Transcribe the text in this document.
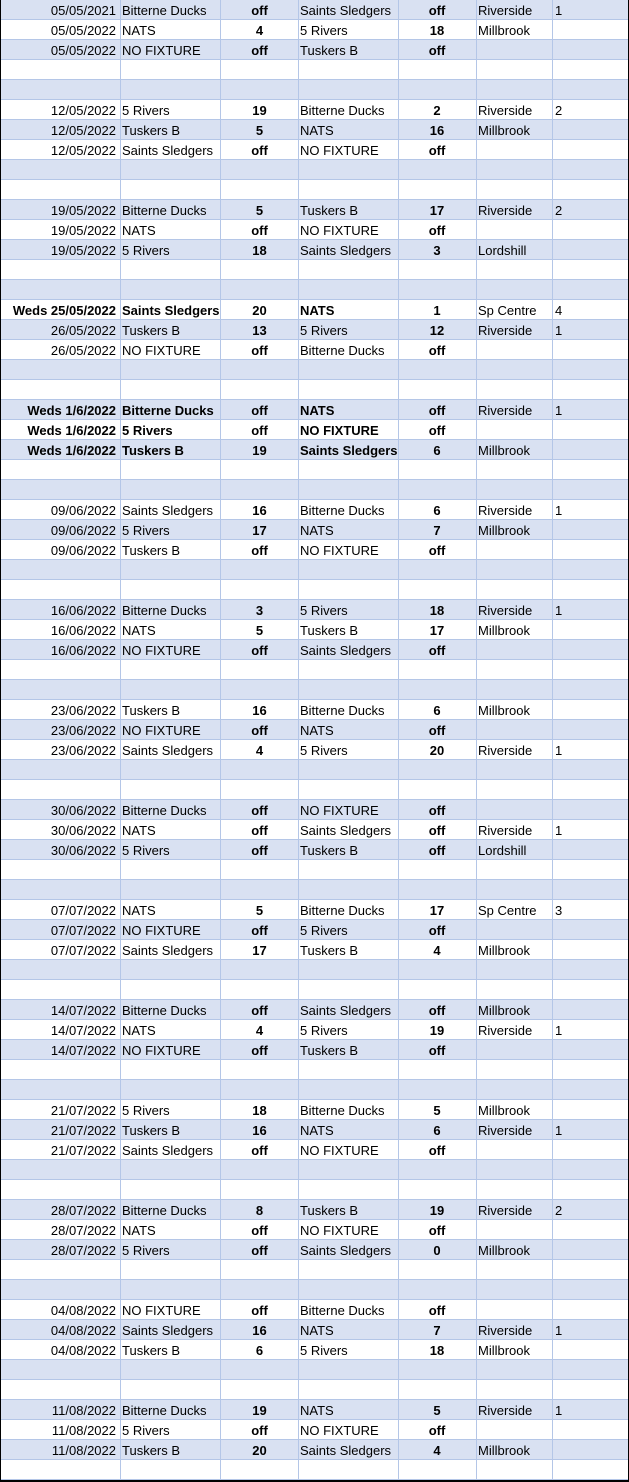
05/05/2021 Bitterne Ducks	off	Saints Sledgers	off	Riverside	1
05/05/2022 NATS	4	5 Rivers	18	Millbrook
05/05/2022 NO FIXTURE	off	Tuskers B	off
12/05/2022 5 Rivers	19	Bitterne Ducks	2	Riverside	2
12/05/2022 Tuskers B	5	NATS	16	Millbrook
12/05/2022 Saints Sledgers	off	NO FIXTURE	off
19/05/2022 Bitterne Ducks	5	Tuskers B	17	Riverside	2
19/05/2022 NATS	off	NO FIXTURE	off
19/05/2022 5 Rivers	18	Saints Sledgers	3	Lordshill
Weds 25/05/2022 Saints Sledgers	20	NATS	1	Sp Centre	4
26/05/2022 Tuskers B	13	5 Rivers	12	Riverside	1
26/05/2022 NO FIXTURE	off	Bitterne Ducks	off
Weds 1/6/2022 Bitterne Ducks	off	NATS	off	Riverside	1
Weds 1/6/2022 5 Rivers	off	NO FIXTURE	off
Weds 1/6/2022 Tuskers B	19	Saints Sledgers	6	Millbrook
09/06/2022 Saints Sledgers	16	Bitterne Ducks	6	Riverside	1
09/06/2022 5 Rivers	17	NATS	7	Millbrook
09/06/2022 Tuskers B	off	NO FIXTURE	off
16/06/2022 Bitterne Ducks	3	5 Rivers	18	Riverside	1
16/06/2022 NATS	5	Tuskers B	17	Millbrook
16/06/2022 NO FIXTURE	off	Saints Sledgers	off
23/06/2022 Tuskers B	16	Bitterne Ducks	6	Millbrook
23/06/2022 NO FIXTURE	off	NATS	off
23/06/2022 Saints Sledgers	4	5 Rivers	20	Riverside	1
30/06/2022 Bitterne Ducks	off	NO FIXTURE	off
30/06/2022 NATS	off	Saints Sledgers	off	Riverside	1
30/06/2022 5 Rivers	off	Tuskers B	off	Lordshill
07/07/2022 NATS	5	Bitterne Ducks	17	Sp Centre	3
07/07/2022 NO FIXTURE	off	5 Rivers	off
07/07/2022 Saints Sledgers	17	Tuskers B	4	Millbrook
14/07/2022 Bitterne Ducks	off	Saints Sledgers	off	Millbrook
14/07/2022 NATS	4	5 Rivers	19	Riverside	1
14/07/2022 NO FIXTURE	off	Tuskers B	off
21/07/2022 5 Rivers	18	Bitterne Ducks	5	Millbrook
21/07/2022 Tuskers B	16	NATS	6	Riverside	1
21/07/2022 Saints Sledgers	off	NO FIXTURE	off
28/07/2022 Bitterne Ducks	8	Tuskers B	19	Riverside	2
28/07/2022 NATS	off	NO FIXTURE	off
28/07/2022 5 Rivers	off	Saints Sledgers	0	Millbrook
04/08/2022 NO FIXTURE	off	Bitterne Ducks	off
04/08/2022 Saints Sledgers	16	NATS	7	Riverside	1
04/08/2022 Tuskers B	6	5 Rivers	18	Millbrook
11/08/2022 Bitterne Ducks	19	NATS	5	Riverside	1
11/08/2022 5 Rivers	off	NO FIXTURE	off
11/08/2022 Tuskers B	20	Saints Sledgers	4	Millbrook
